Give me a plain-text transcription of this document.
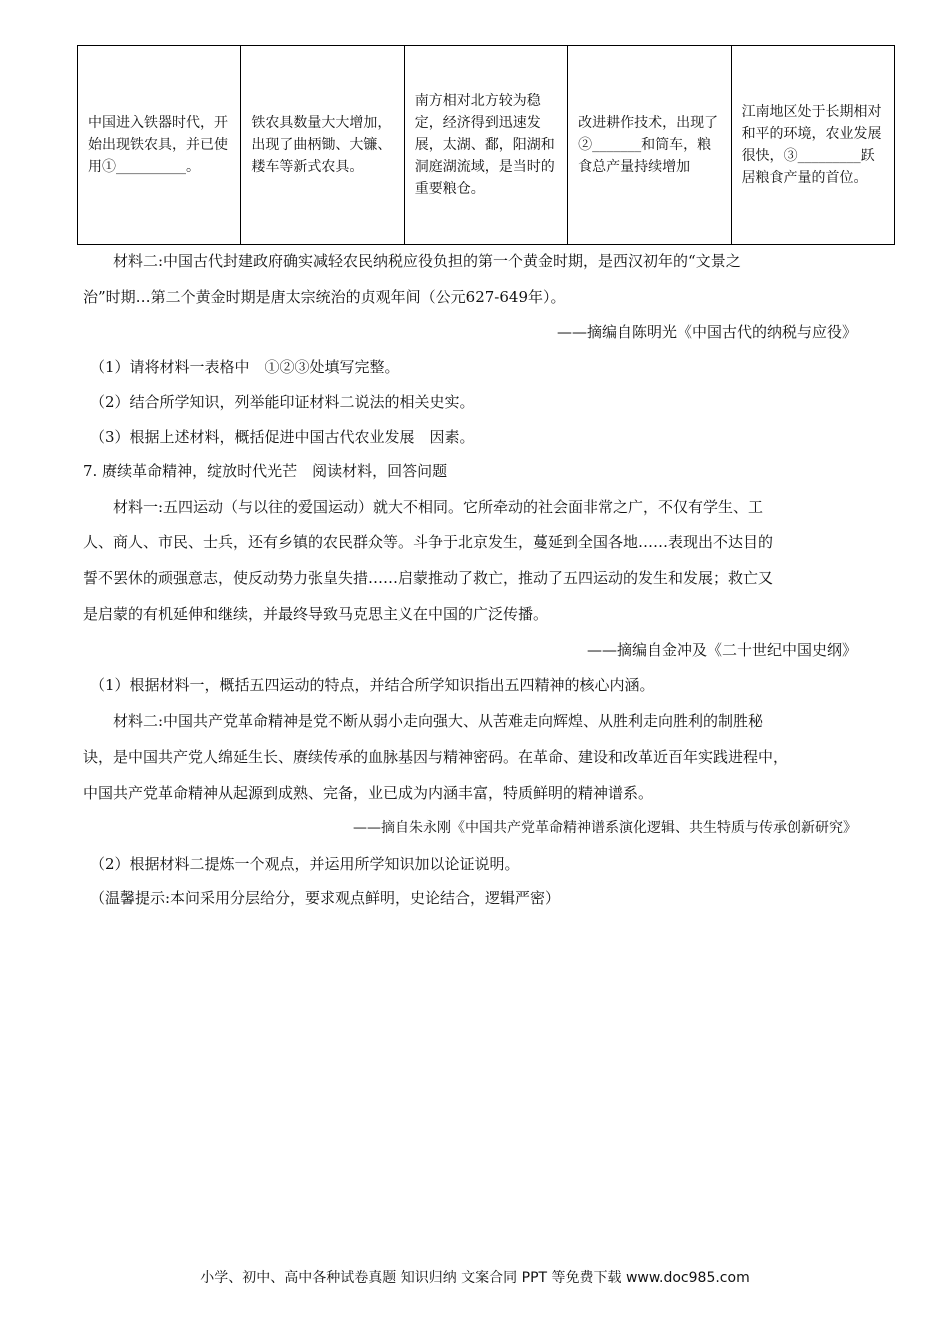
中国进入铁器时代，开始出现铁农具，并已使用①__________。	铁农具数量大大增加，出现了曲柄锄、大镰、耧车等新式农具。	南方相对北方较为稳定，经济得到迅速发展，太湖、鄱，阳湖和洞庭湖流域，是当时的重要粮仓。	改进耕作技术，出现了②_______和筒车，粮食总产量持续增加	江南地区处于长期相对和平的环境，农业发展很快，③_________跃居粮食产量的首位。
材料二:中国古代封建政府确实减轻农民纳税应役负担的第一个黄金时期，是西汉初年的“文景之
治”时期…第二个黄金时期是唐太宗统治的贞观年间（公元627-649年）。
——摘编自陈明光《中国古代的纳税与应役》
（1）请将材料一表格中　①②③处填写完整。
（2）结合所学知识，列举能印证材料二说法的相关史实。
（3）根据上述材料，概括促进中国古代农业发展　因素。
7. 赓续革命精神，绽放时代光芒　阅读材料，回答问题
材料一:五四运动（与以往的爱国运动）就大不相同。它所牵动的社会面非常之广，不仅有学生、工
人、商人、市民、士兵，还有乡镇的农民群众等。斗争于北京发生，蔓延到全国各地……表现出不达目的
誓不罢休的顽强意志，使反动势力张皇失措……启蒙推动了救亡，推动了五四运动的发生和发展；救亡又
是启蒙的有机延伸和继续，并最终导致马克思主义在中国的广泛传播。
——摘编自金冲及《二十世纪中国史纲》
（1）根据材料一，概括五四运动的特点，并结合所学知识指出五四精神的核心内涵。
材料二:中国共产党革命精神是党不断从弱小走向强大、从苦难走向辉煌、从胜利走向胜利的制胜秘
诀，是中国共产党人绵延生长、赓续传承的血脉基因与精神密码。在革命、建设和改革近百年实践进程中，
中国共产党革命精神从起源到成熟、完备，业已成为内涵丰富，特质鲜明的精神谱系。
——摘自朱永刚《中国共产党革命精神谱系演化逻辑、共生特质与传承创新研究》
（2）根据材料二提炼一个观点，并运用所学知识加以论证说明。
（温馨提示:本问采用分层给分，要求观点鲜明，史论结合，逻辑严密）
小学、初中、高中各种试卷真题 知识归纳 文案合同 PPT 等免费下载 www.doc985.com
